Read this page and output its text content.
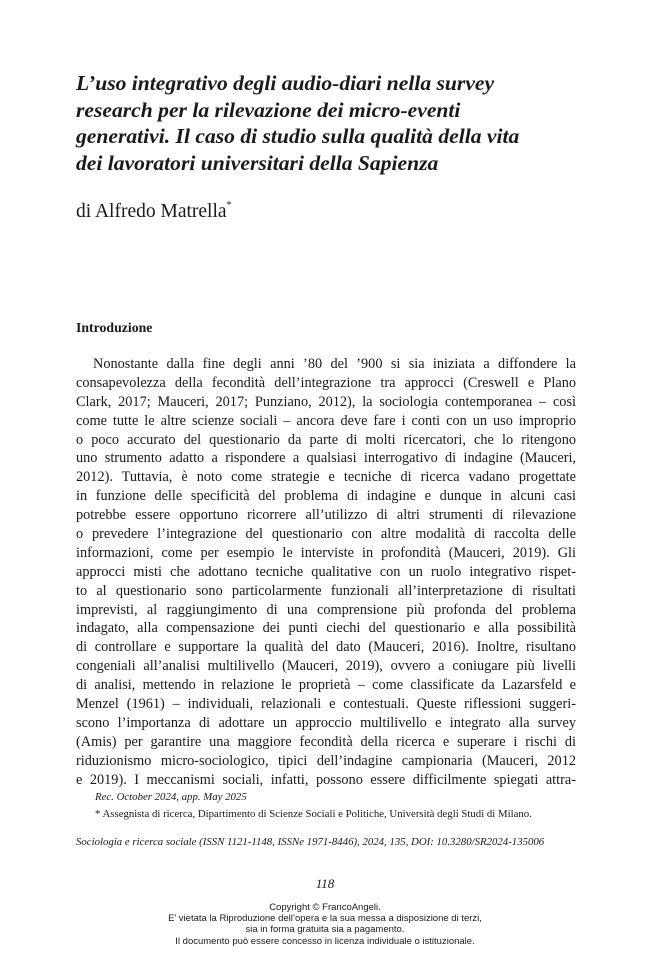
L’uso integrativo degli audio-diari nella survey
research per la rilevazione dei micro-eventi
generativi. Il caso di studio sulla qualità della vita
dei lavoratori universitari della Sapienza

di Alfredo Matrella*

Introduzione
Nonostante dalla fine degli anni ’80 del ’900 si sia iniziata a diffondere la
consapevolezza della fecondità dell’integrazione tra approcci (Creswell e Plano
Clark, 2017; Mauceri, 2017; Punziano, 2012), la sociologia contemporanea – così
come tutte le altre scienze sociali – ancora deve fare i conti con un uso improprio
o poco accurato del questionario da parte di molti ricercatori, che lo ritengono
uno strumento adatto a rispondere a qualsiasi interrogativo di indagine (Mauceri,
2012). Tuttavia, è noto come strategie e tecniche di ricerca vadano progettate
in funzione delle specificità del problema di indagine e dunque in alcuni casi
potrebbe essere opportuno ricorrere all’utilizzo di altri strumenti di rilevazione
o prevedere l’integrazione del questionario con altre modalità di raccolta delle
informazioni, come per esempio le interviste in profondità (Mauceri, 2019). Gli
approcci misti che adottano tecniche qualitative con un ruolo integrativo rispet-
to al questionario sono particolarmente funzionali all’interpretazione di risultati
imprevisti, al raggiungimento di una comprensione più profonda del problema
indagato, alla compensazione dei punti ciechi del questionario e alla possibilità
di controllare e supportare la qualità del dato (Mauceri, 2016). Inoltre, risultano
congeniali all’analisi multilivello (Mauceri, 2019), ovvero a coniugare più livelli
di analisi, mettendo in relazione le proprietà – come classificate da Lazarsfeld e
Menzel (1961) – individuali, relazionali e contestuali. Queste riflessioni suggeri-
scono l’importanza di adottare un approccio multilivello e integrato alla survey
(Amis) per garantire una maggiore fecondità della ricerca e superare i rischi di
riduzionismo micro-sociologico, tipici dell’indagine campionaria (Mauceri, 2012
e 2019). I meccanismi sociali, infatti, possono essere difficilmente spiegati attra-

Rec. October 2024, app. May 2025

* Assegnista di ricerca, Dipartimento di Scienze Sociali e Politiche, Università degli Studi di Milano.

Sociologia e ricerca sociale (ISSN 1121-1148, ISSNe 1971-8446), 2024, 135, DOI: 10.3280/SR2024-135006

118

Copyright © FrancoAngeli.
E’ vietata la Riproduzione dell’opera e la sua messa a disposizione di terzi,
sia in forma gratuita sia a pagamento.
Il documento può essere concesso in licenza individuale o istituzionale.
